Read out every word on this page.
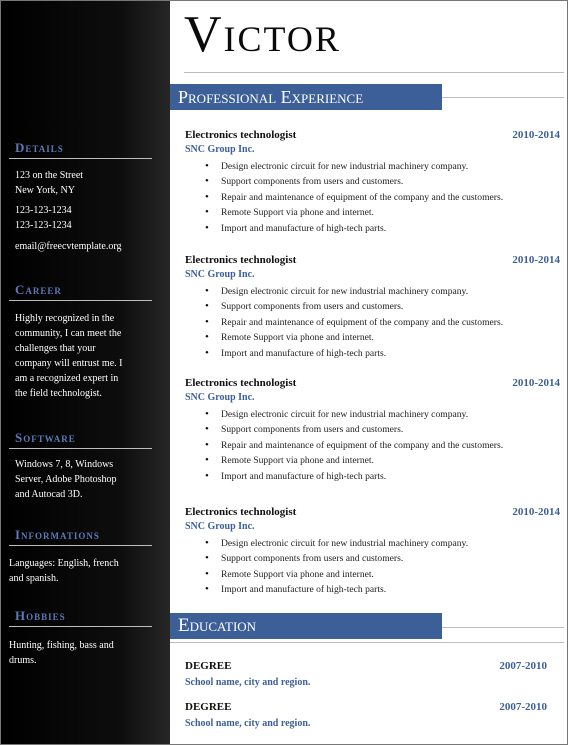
Details
123 on the Street
New York, NY
123-123-1234
123-123-1234
email@freecvtemplate.org
Career
Highly recognized in the
community, I can meet the
challenges that your
company will entrust me. I
am a recognized expert in
the field technologist.
Software
Windows 7, 8, Windows
Server, Adobe Photoshop
and Autocad 3D.
Informations
Languages: English, french
and spanish.
Hobbies
Hunting, fishing, bass and
drums.
Victor
Professional Experience
Electronics technologist	2010-2014
SNC Group Inc.
• Design electronic circuit for new industrial machinery company.
• Support components from users and customers.
• Repair and maintenance of equipment of the company and the customers.
• Remote Support via phone and internet.
• Import and manufacture of high-tech parts.
Electronics technologist	2010-2014
SNC Group Inc.
• Design electronic circuit for new industrial machinery company.
• Support components from users and customers.
• Repair and maintenance of equipment of the company and the customers.
• Remote Support via phone and internet.
• Import and manufacture of high-tech parts.
Electronics technologist	2010-2014
SNC Group Inc.
• Design electronic circuit for new industrial machinery company.
• Support components from users and customers.
• Repair and maintenance of equipment of the company and the customers.
• Remote Support via phone and internet.
• Import and manufacture of high-tech parts.
Electronics technologist	2010-2014
SNC Group Inc.
• Design electronic circuit for new industrial machinery company.
• Support components from users and customers.
• Remote Support via phone and internet.
• Import and manufacture of high-tech parts.
Education
DEGREE	2007-2010
School name, city and region.
DEGREE	2007-2010
School name, city and region.
